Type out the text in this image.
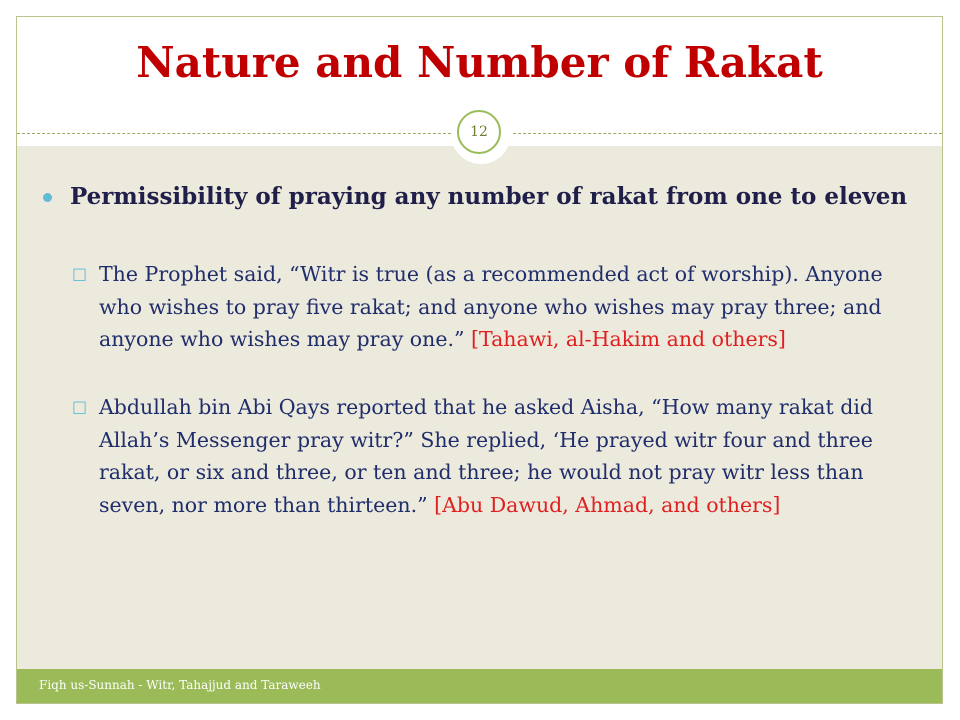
Nature and Number of Rakat
12

Permissibility of praying any number of rakat from one to eleven

□ The Prophet said, “Witr is true (as a recommended act of worship). Anyone who wishes to pray five rakat; and anyone who wishes may pray three; and anyone who wishes may pray one.” [Tahawi, al-Hakim and others]

□ Abdullah bin Abi Qays reported that he asked Aisha, “How many rakat did Allah’s Messenger pray witr?” She replied, ‘He prayed witr four and three rakat, or six and three, or ten and three; he would not pray witr less than seven, nor more than thirteen.” [Abu Dawud, Ahmad, and others]

Fiqh us-Sunnah - Witr, Tahajjud and Taraweeh
